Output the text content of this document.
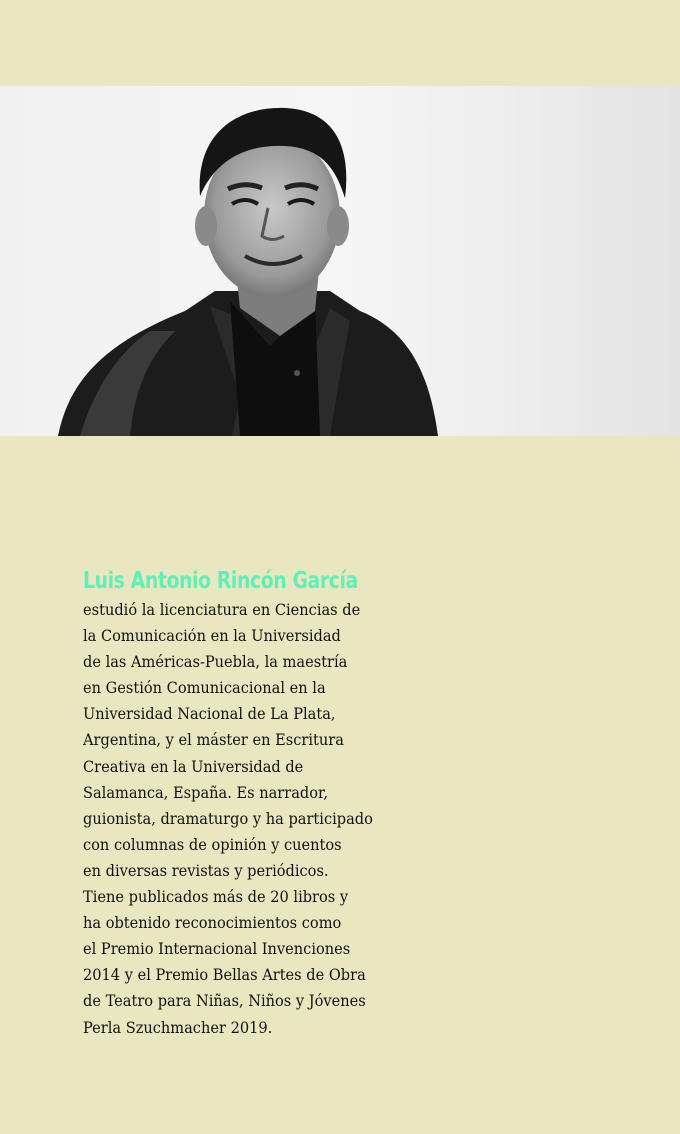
Luis Antonio Rincón García
estudió la licenciatura en Ciencias de
la Comunicación en la Universidad
de las Américas-Puebla, la maestría
en Gestión Comunicacional en la
Universidad Nacional de La Plata,
Argentina, y el máster en Escritura
Creativa en la Universidad de
Salamanca, España. Es narrador,
guionista, dramaturgo y ha participado
con columnas de opinión y cuentos
en diversas revistas y periódicos.
Tiene publicados más de 20 libros y
ha obtenido reconocimientos como
el Premio Internacional Invenciones
2014 y el Premio Bellas Artes de Obra
de Teatro para Niñas, Niños y Jóvenes
Perla Szuchmacher 2019.
